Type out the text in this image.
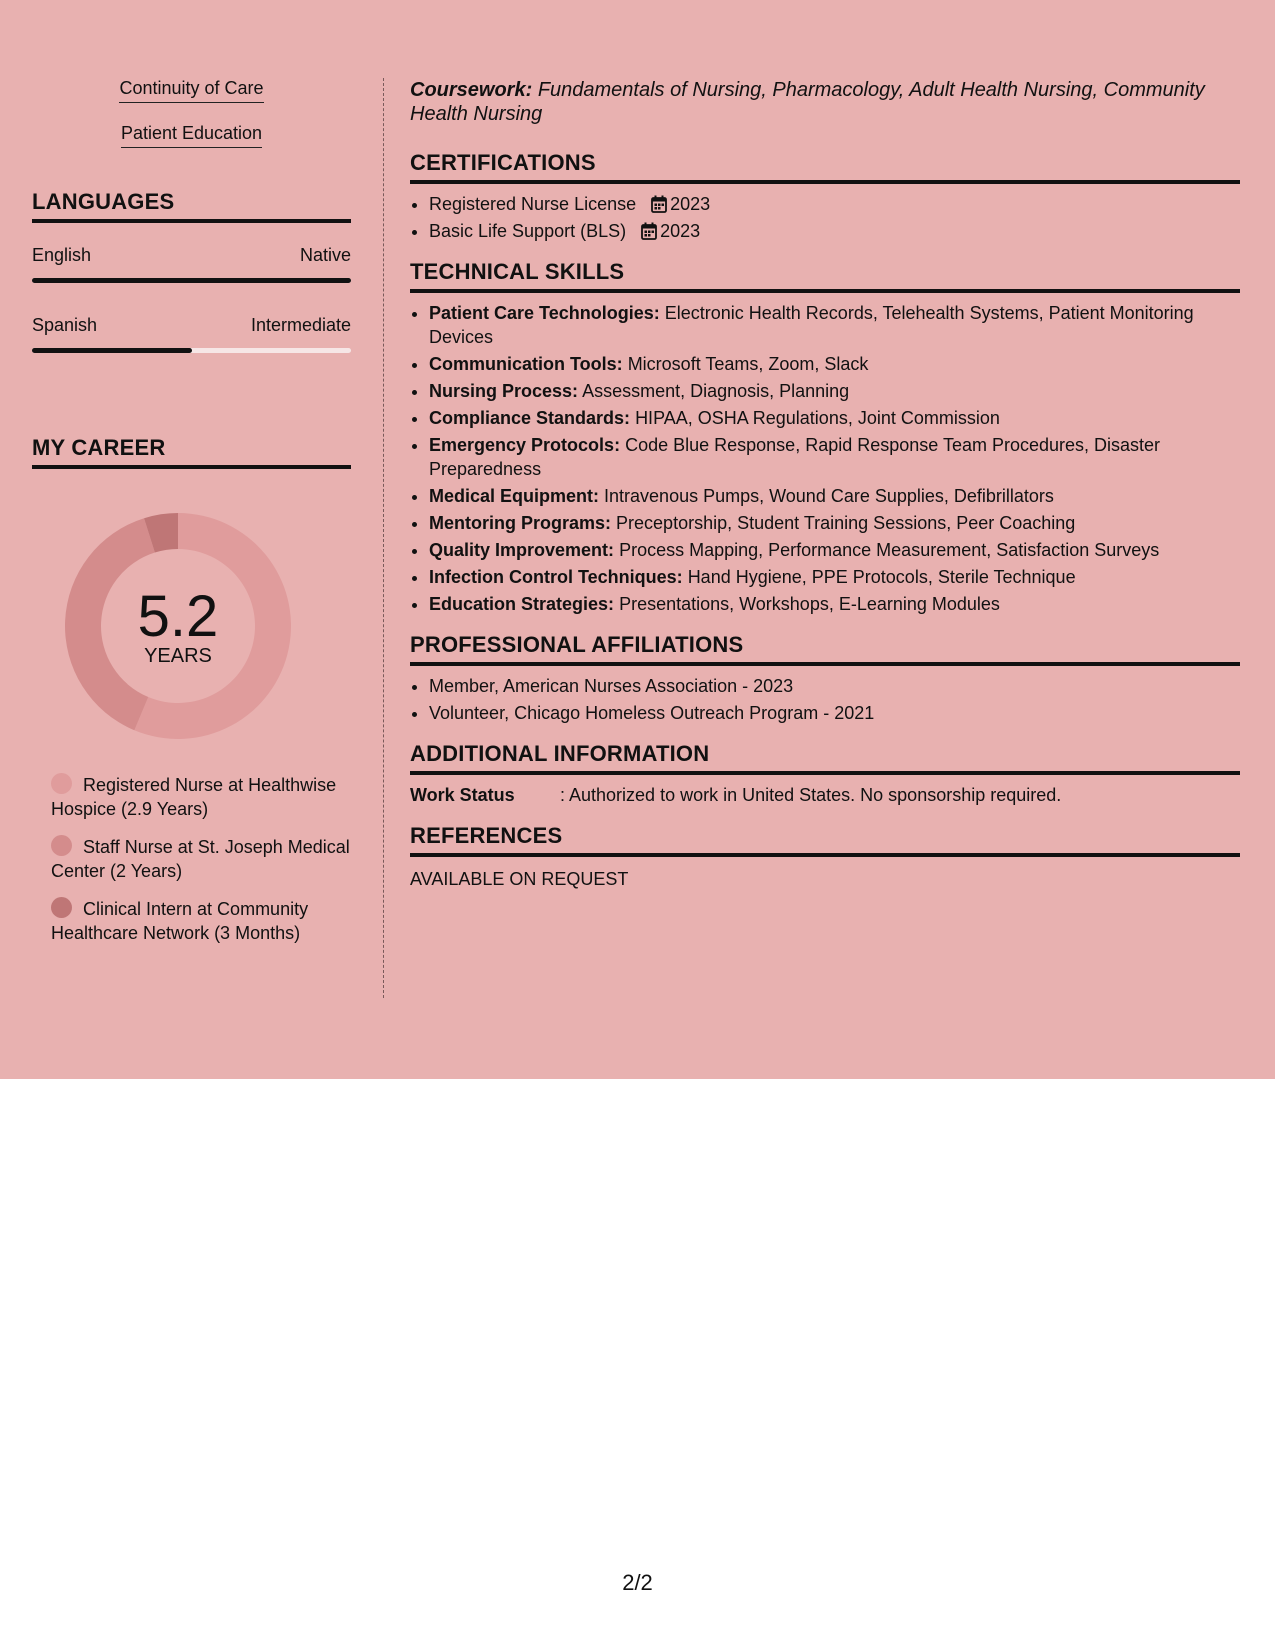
Continuity of Care
Patient Education
LANGUAGES
English	Native
Spanish	Intermediate
MY CAREER
5.2
YEARS
Registered Nurse at Healthwise Hospice (2.9 Years)
Staff Nurse at St. Joseph Medical Center (2 Years)
Clinical Intern at Community Healthcare Network (3 Months)

Coursework: Fundamentals of Nursing, Pharmacology, Adult Health Nursing, Community Health Nursing

CERTIFICATIONS
• Registered Nurse License 2023
• Basic Life Support (BLS) 2023
TECHNICAL SKILLS
• Patient Care Technologies: Electronic Health Records, Telehealth Systems, Patient Monitoring Devices
• Communication Tools: Microsoft Teams, Zoom, Slack
• Nursing Process: Assessment, Diagnosis, Planning
• Compliance Standards: HIPAA, OSHA Regulations, Joint Commission
• Emergency Protocols: Code Blue Response, Rapid Response Team Procedures, Disaster Preparedness
• Medical Equipment: Intravenous Pumps, Wound Care Supplies, Defibrillators
• Mentoring Programs: Preceptorship, Student Training Sessions, Peer Coaching
• Quality Improvement: Process Mapping, Performance Measurement, Satisfaction Surveys
• Infection Control Techniques: Hand Hygiene, PPE Protocols, Sterile Technique
• Education Strategies: Presentations, Workshops, E-Learning Modules
PROFESSIONAL AFFILIATIONS
• Member, American Nurses Association - 2023
• Volunteer, Chicago Homeless Outreach Program - 2021
ADDITIONAL INFORMATION
Work Status	: Authorized to work in United States. No sponsorship required.
REFERENCES
AVAILABLE ON REQUEST
2/2
